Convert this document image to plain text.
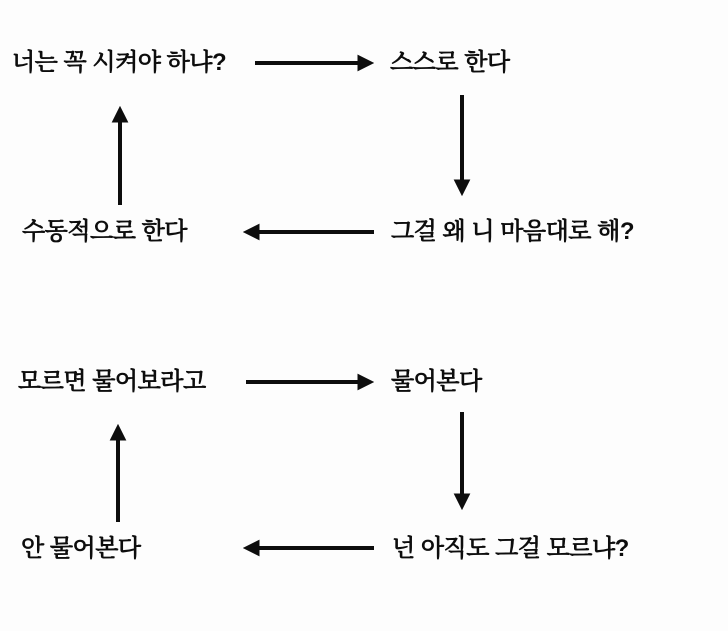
너는 꼭 시켜야 하냐?	스스로 한다
그걸 왜 니 마음대로 해?
수동적으로 한다
모르면 물어보라고	물어본다
넌 아직도 그걸 모르냐?
안 물어본다
